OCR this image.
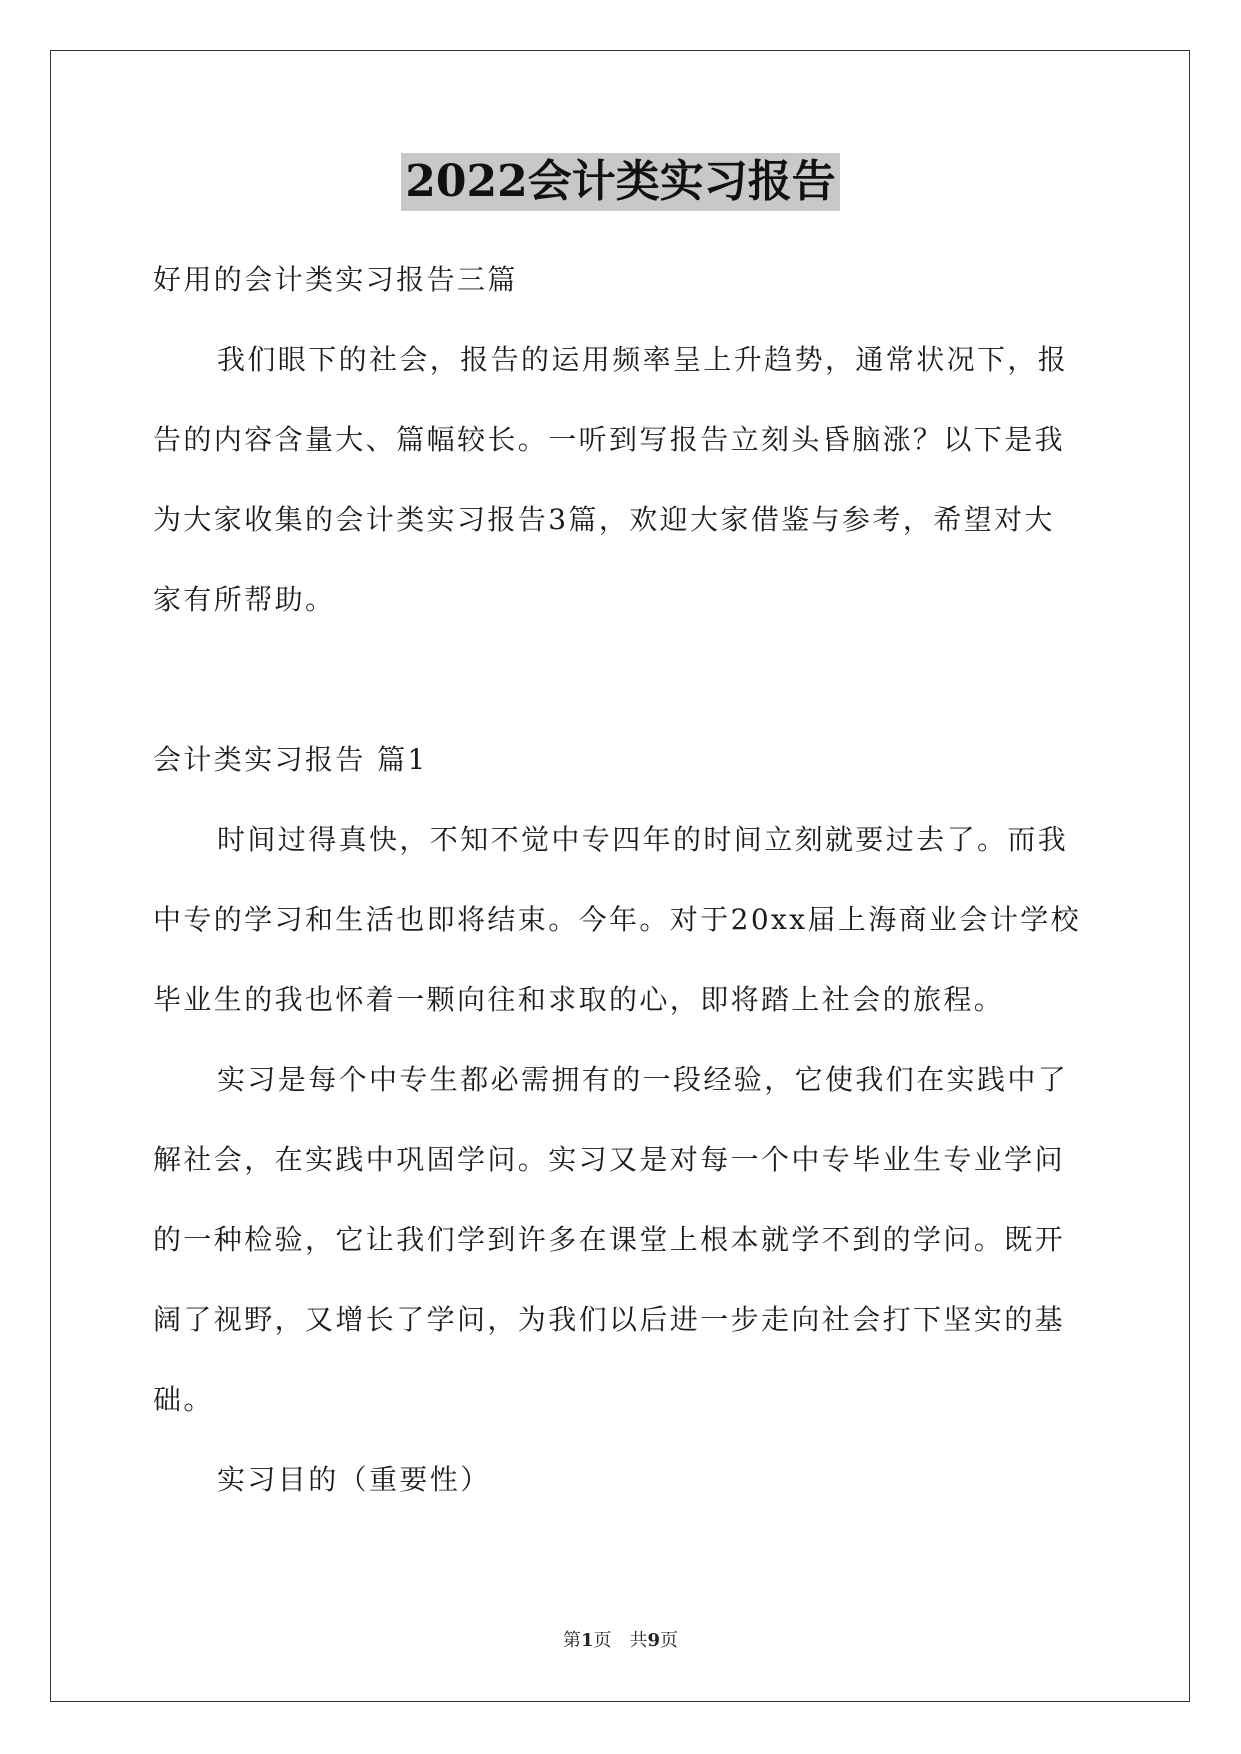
2022会计类实习报告
好用的会计类实习报告三篇
我们眼下的社会，报告的运用频率呈上升趋势，通常状况下，报
告的内容含量大、篇幅较长。一听到写报告立刻头昏脑涨？以下是我
为大家收集的会计类实习报告3篇，欢迎大家借鉴与参考，希望对大
家有所帮助。
会计类实习报告 篇1
时间过得真快，不知不觉中专四年的时间立刻就要过去了。而我
中专的学习和生活也即将结束。今年。对于20xx届上海商业会计学校
毕业生的我也怀着一颗向往和求取的心，即将踏上社会的旅程。
实习是每个中专生都必需拥有的一段经验，它使我们在实践中了
解社会，在实践中巩固学问。实习又是对每一个中专毕业生专业学问
的一种检验，它让我们学到许多在课堂上根本就学不到的学问。既开
阔了视野，又增长了学问，为我们以后进一步走向社会打下坚实的基
础。
实习目的（重要性）
第1页 共9页
